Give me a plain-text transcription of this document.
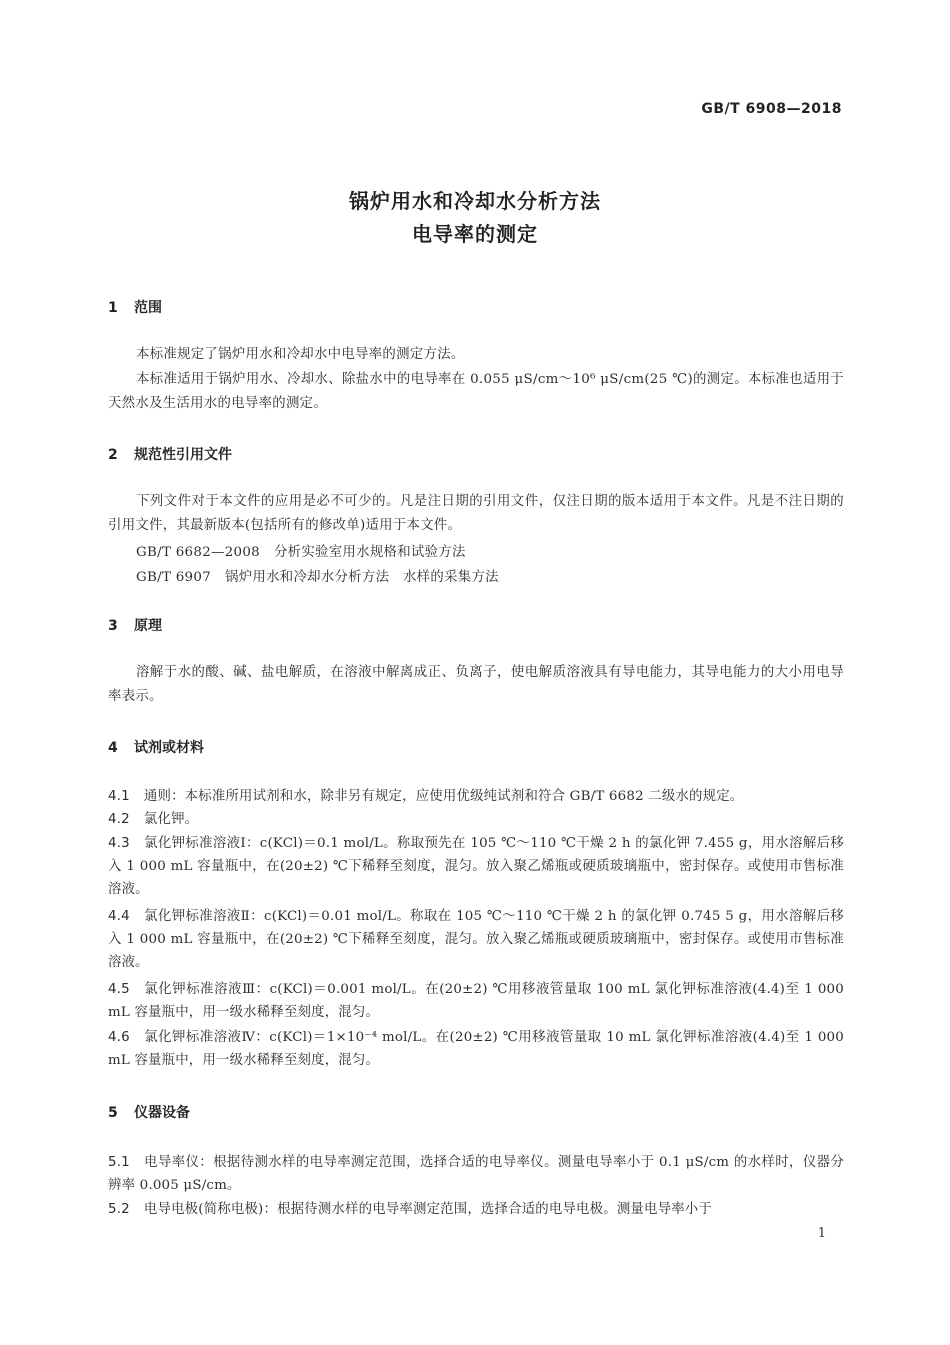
GB/T 6908—2018
锅炉用水和冷却水分析方法
电导率的测定
1 范围
本标准规定了锅炉用水和冷却水中电导率的测定方法。
本标准适用于锅炉用水、冷却水、除盐水中的电导率在 0.055 μS/cm～10⁶ μS/cm(25 ℃)的测定。本标准也适用于天然水及生活用水的电导率的测定。
2 规范性引用文件
下列文件对于本文件的应用是必不可少的。凡是注日期的引用文件，仅注日期的版本适用于本文件。凡是不注日期的引用文件，其最新版本(包括所有的修改单)适用于本文件。
GB/T 6682—2008 分析实验室用水规格和试验方法
GB/T 6907 锅炉用水和冷却水分析方法　水样的采集方法
3 原理
溶解于水的酸、碱、盐电解质，在溶液中解离成正、负离子，使电解质溶液具有导电能力，其导电能力的大小用电导率表示。
4 试剂或材料
4.1 通则：本标准所用试剂和水，除非另有规定，应使用优级纯试剂和符合 GB/T 6682 二级水的规定。
4.2 氯化钾。
4.3 氯化钾标准溶液Ⅰ：c(KCl)＝0.1 mol/L。称取预先在 105 ℃～110 ℃干燥 2 h 的氯化钾 7.455 g，用水溶解后移入 1 000 mL 容量瓶中，在(20±2) ℃下稀释至刻度，混匀。放入聚乙烯瓶或硬质玻璃瓶中，密封保存。或使用市售标准溶液。
4.4 氯化钾标准溶液Ⅱ：c(KCl)＝0.01 mol/L。称取在 105 ℃～110 ℃干燥 2 h 的氯化钾 0.745 5 g，用水溶解后移入 1 000 mL 容量瓶中，在(20±2) ℃下稀释至刻度，混匀。放入聚乙烯瓶或硬质玻璃瓶中，密封保存。或使用市售标准溶液。
4.5 氯化钾标准溶液Ⅲ：c(KCl)＝0.001 mol/L。在(20±2) ℃用移液管量取 100 mL 氯化钾标准溶液(4.4)至 1 000 mL 容量瓶中，用一级水稀释至刻度，混匀。
4.6 氯化钾标准溶液Ⅳ：c(KCl)＝1×10⁻⁴ mol/L。在(20±2) ℃用移液管量取 10 mL 氯化钾标准溶液(4.4)至 1 000 mL 容量瓶中，用一级水稀释至刻度，混匀。
5 仪器设备
5.1 电导率仪：根据待测水样的电导率测定范围，选择合适的电导率仪。测量电导率小于 0.1 μS/cm 的水样时，仪器分辨率 0.005 μS/cm。
5.2 电导电极(简称电极)：根据待测水样的电导率测定范围，选择合适的电导电极。测量电导率小于
1
